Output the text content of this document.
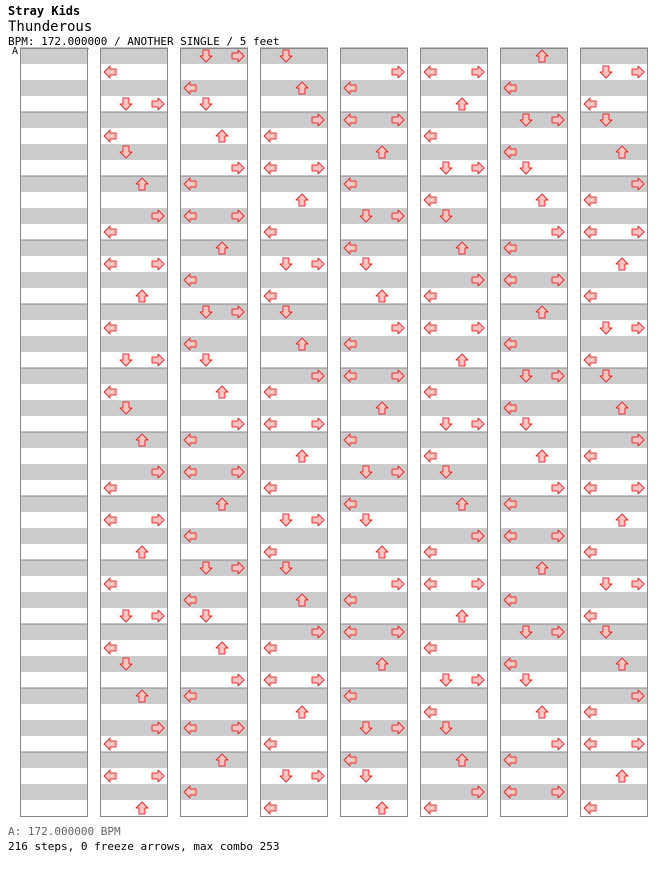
Stray Kids
Thunderous
BPM: 172.000000 / ANOTHER SINGLE / 5 feet
A
A: 172.000000 BPM
216 steps, 0 freeze arrows, max combo 253
